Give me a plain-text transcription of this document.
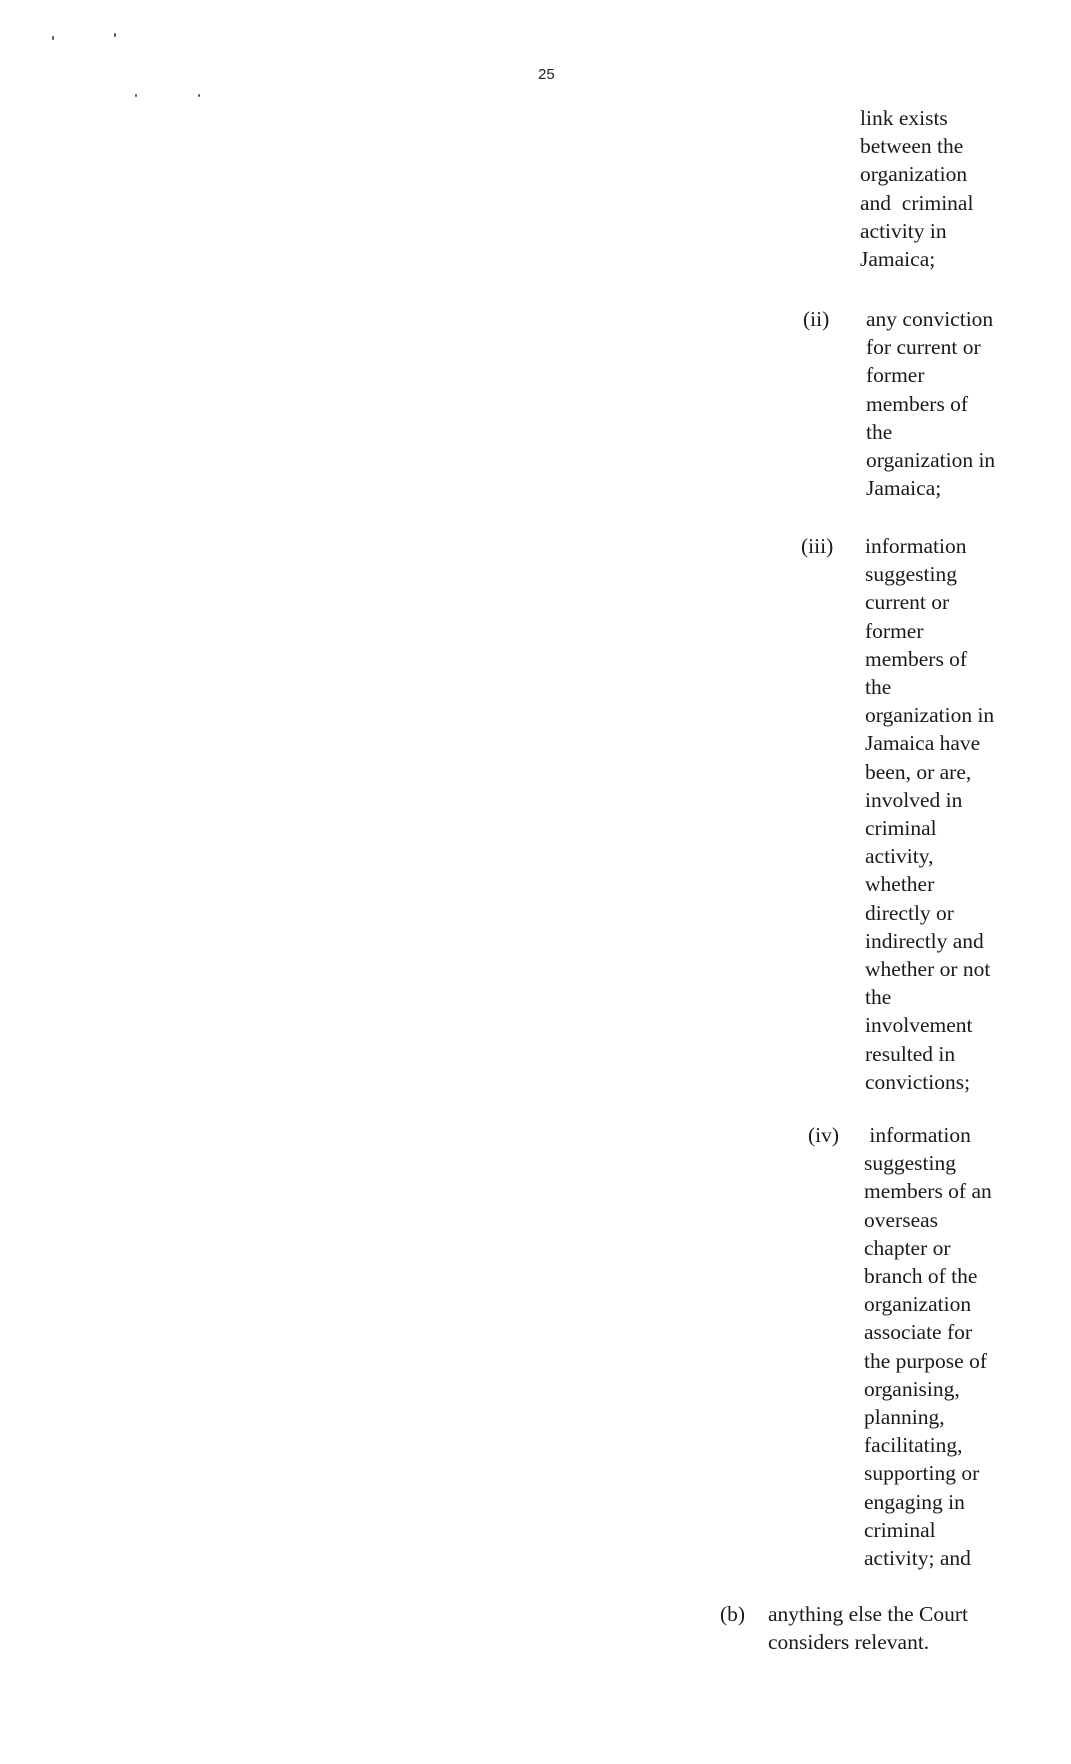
25
link exists
between the
organization
and  criminal
activity in
Jamaica;
(ii) any conviction
for current or
former
members of
the
organization in
Jamaica;
(iii) information
suggesting
current or
former
members of
the
organization in
Jamaica have
been, or are,
involved in
criminal
activity,
whether
directly or
indirectly and
whether or not
the
involvement
resulted in
convictions;
(iv) information
suggesting
members of an
overseas
chapter or
branch of the
organization
associate for
the purpose of
organising,
planning,
facilitating,
supporting or
engaging in
criminal
activity; and
(b) anything else the Court
considers relevant.
